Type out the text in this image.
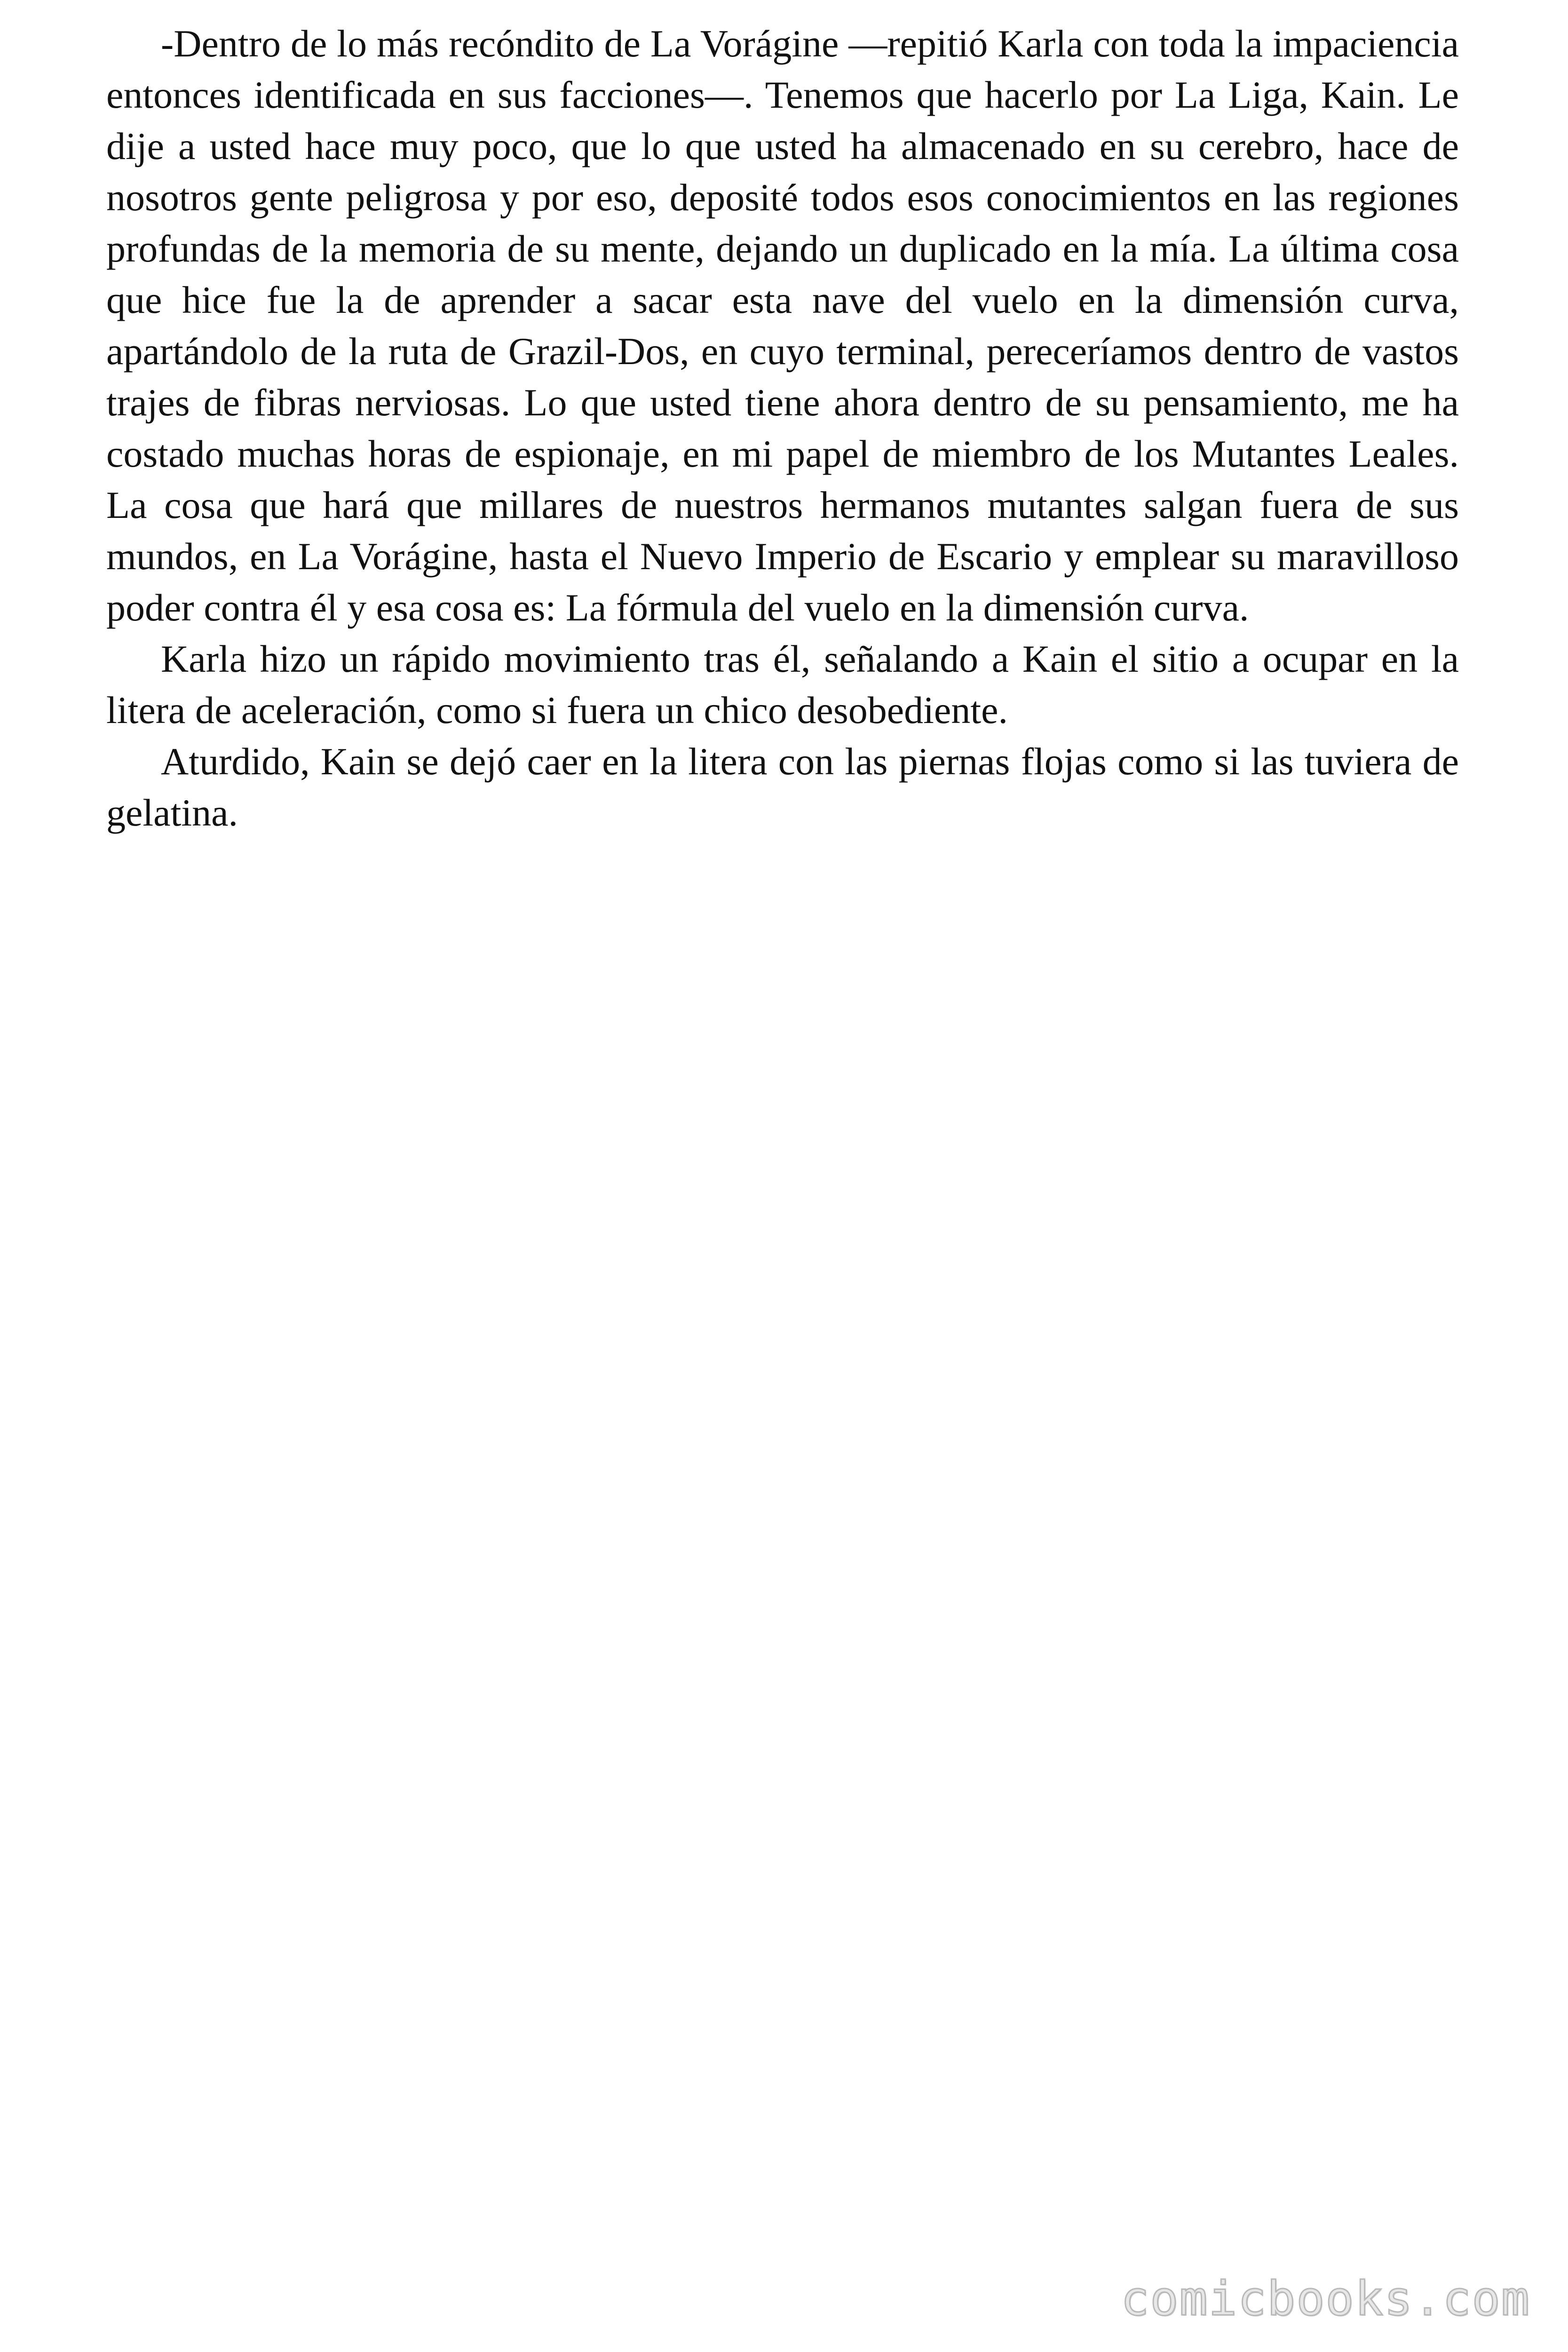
-Dentro de lo más recóndito de La Vorágine —repitió Karla con toda la impaciencia entonces identificada en sus facciones—. Tenemos que hacerlo por La Liga, Kain. Le dije a usted hace muy poco, que lo que usted ha almacenado en su cerebro, hace de nosotros gente peligrosa y por eso, deposité todos esos conocimientos en las regiones profundas de la memoria de su mente, dejando un duplicado en la mía. La última cosa que hice fue la de aprender a sacar esta nave del vuelo en la dimensión curva, apartándolo de la ruta de Grazil-Dos, en cuyo terminal, pereceríamos dentro de vastos trajes de fibras nerviosas. Lo que usted tiene ahora dentro de su pensamiento, me ha costado muchas horas de espionaje, en mi papel de miembro de los Mutantes Leales. La cosa que hará que millares de nuestros hermanos mutantes salgan fuera de sus mundos, en La Vorágine, hasta el Nuevo Imperio de Escario y emplear su maravilloso poder contra él y esa cosa es: La fórmula del vuelo en la dimensión curva.

Karla hizo un rápido movimiento tras él, señalando a Kain el sitio a ocupar en la litera de aceleración, como si fuera un chico desobediente.

Aturdido, Kain se dejó caer en la litera con las piernas flojas como si las tuviera de gelatina.

comicbooks.com
